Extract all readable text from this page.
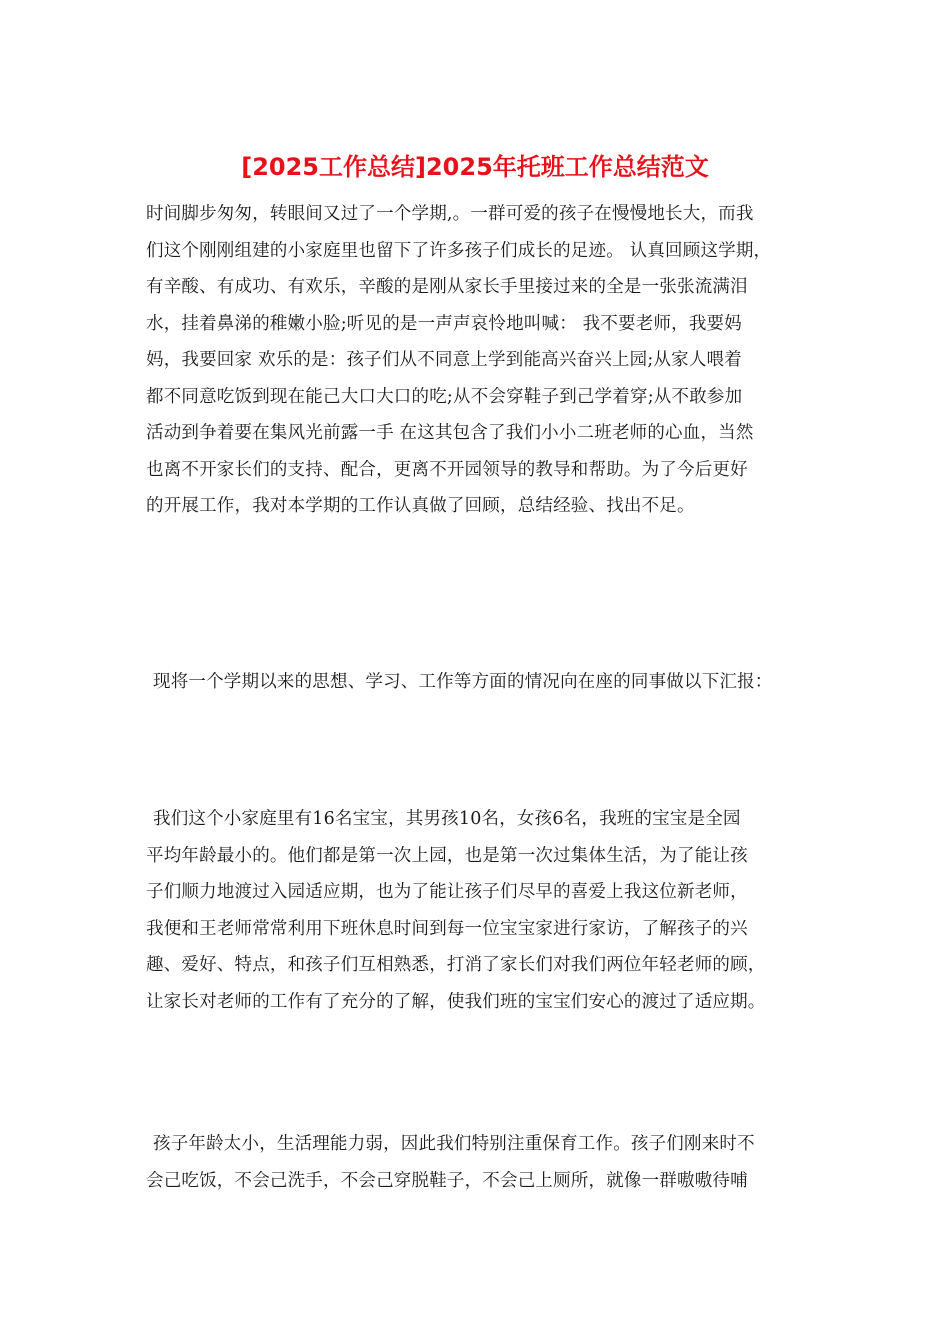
[2025工作总结]2025年托班工作总结范文

时间脚步匆匆，转眼间又过了一个学期,。一群可爱的孩子在慢慢地长大，而我
们这个刚刚组建的小家庭里也留下了许多孩子们成长的足迹。 认真回顾这学期，
有辛酸、有成功、有欢乐，辛酸的是刚从家长手里接过来的全是一张张流满泪
水，挂着鼻涕的稚嫩小脸;听见的是一声声哀怜地叫喊： 我不要老师，我要妈
妈，我要回家 欢乐的是：孩子们从不同意上学到能高兴奋兴上园;从家人喂着
都不同意吃饭到现在能己大口大口的吃;从不会穿鞋子到己学着穿;从不敢参加
活动到争着要在集风光前露一手 在这其包含了我们小小二班老师的心血，当然
也离不开家长们的支持、配合，更离不开园领导的教导和帮助。为了今后更好
的开展工作，我对本学期的工作认真做了回顾，总结经验、找出不足。

现将一个学期以来的思想、学习、工作等方面的情况向在座的同事做以下汇报：

我们这个小家庭里有16名宝宝，其男孩10名，女孩6名，我班的宝宝是全园
平均年龄最小的。他们都是第一次上园，也是第一次过集体生活，为了能让孩
子们顺力地渡过入园适应期，也为了能让孩子们尽早的喜爱上我这位新老师，
我便和王老师常常利用下班休息时间到每一位宝宝家进行家访，了解孩子的兴
趣、爱好、特点，和孩子们互相熟悉，打消了家长们对我们两位年轻老师的顾，
让家长对老师的工作有了充分的了解，使我们班的宝宝们安心的渡过了适应期。

孩子年龄太小，生活理能力弱，因此我们特别注重保育工作。孩子们刚来时不
会己吃饭，不会己洗手，不会己穿脱鞋子，不会己上厕所，就像一群嗷嗷待哺
